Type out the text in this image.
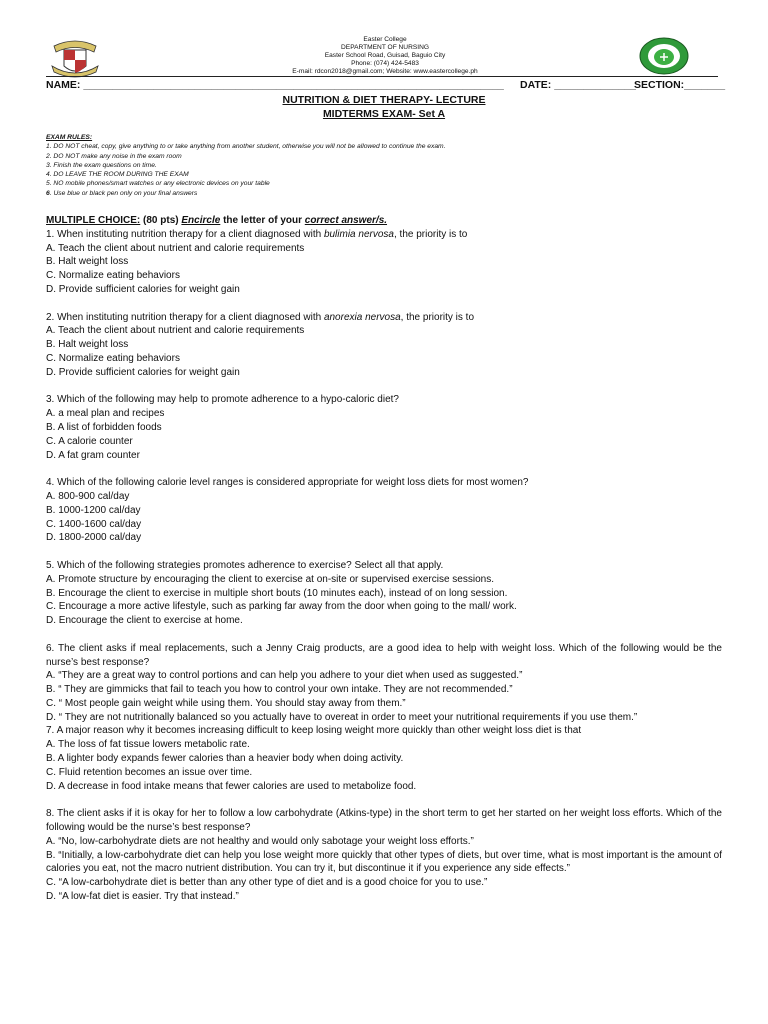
Easter College
DEPARTMENT OF NURSING
Easter School Road, Guisad, Baguio City
Phone: (074) 424-5483
E-mail: rdcon2018@gmail.com; Website: www.eastercollege.ph
NAME: ________________________________________________________________________ DATE: ______________
SECTION:_______
NUTRITION & DIET THERAPY- LECTURE
MIDTERMS EXAM- Set A
EXAM RULES:
1. DO NOT cheat, copy, give anything to or take anything from another student, otherwise you will not be allowed to continue the exam.
2. DO NOT make any noise in the exam room
3. Finish the exam questions on time.
4. DO LEAVE THE ROOM DURING THE EXAM
5. NO mobile phones/smart watches or any electronic devices on your table
6. Use blue or black pen only on your final answers

MULTIPLE CHOICE: (80 pts) Encircle the letter of your correct answer/s.

1. When instituting nutrition therapy for a client diagnosed with bulimia nervosa, the priority is to

A. Teach the client about nutrient and calorie requirements

B. Halt weight loss

C. Normalize eating behaviors

D. Provide sufficient calories for weight gain

2. When instituting nutrition therapy for a client diagnosed with anorexia nervosa, the priority is to

A. Teach the client about nutrient and calorie requirements

B. Halt weight loss

C. Normalize eating behaviors

D. Provide sufficient calories for weight gain

3. Which of the following may help to promote adherence to a hypo-caloric diet?

A. a meal plan and recipes

B. A list of forbidden foods

C. A calorie counter

D. A fat gram counter

4. Which of the following calorie level ranges is considered appropriate for weight loss diets for most women?

A. 800-900 cal/day

B. 1000-1200 cal/day

C. 1400-1600 cal/day

D. 1800-2000 cal/day

5. Which of the following strategies promotes adherence to exercise? Select all that apply.

A. Promote structure by encouraging the client to exercise at on-site or supervised exercise sessions.

B. Encourage the client to exercise in multiple short bouts (10 minutes each), instead of on long session.

C. Encourage a more active lifestyle, such as parking far away from the door when going to the mall/ work.

D. Encourage the client to exercise at home.

6. The client asks if meal replacements, such a Jenny Craig products, are a good idea to help with weight loss. Which of the following would be the nurse’s best response?

A. “They are a great way to control portions and can help you adhere to your diet when used as suggested.”

B. “ They are gimmicks that fail to teach you how to control your own intake. They are not recommended.”

C. “ Most people gain weight while using them. You should stay away from them.”

D. “ They are not nutritionally balanced so you actually have to overeat in order to meet your nutritional requirements if you use them.”

7. A major reason why it becomes increasing difficult to keep losing weight more quickly than other weight loss diet is that

A. The loss of fat tissue lowers metabolic rate.

B. A lighter body expands fewer calories than a heavier body when doing activity.

C. Fluid retention becomes an issue over time.

D. A decrease in food intake means that fewer calories are used to metabolize food.

8. The client asks if it is okay for her to follow a low carbohydrate (Atkins-type) in the short term to get her started on her weight loss efforts. Which of the following would be the nurse’s best response?

A. “No, low-carbohydrate diets are not healthy and would only sabotage your weight loss efforts.”

B. “Initially, a low-carbohydrate diet can help you lose weight more quickly that other types of diets, but over time, what is most important is the amount of calories you eat, not the macro nutrient distribution. You can try it, but discontinue it if you experience any side effects.”

C. “A low-carbohydrate diet is better than any other type of diet and is a good choice for you to use.”

D. “A low-fat diet is easier. Try that instead.”
